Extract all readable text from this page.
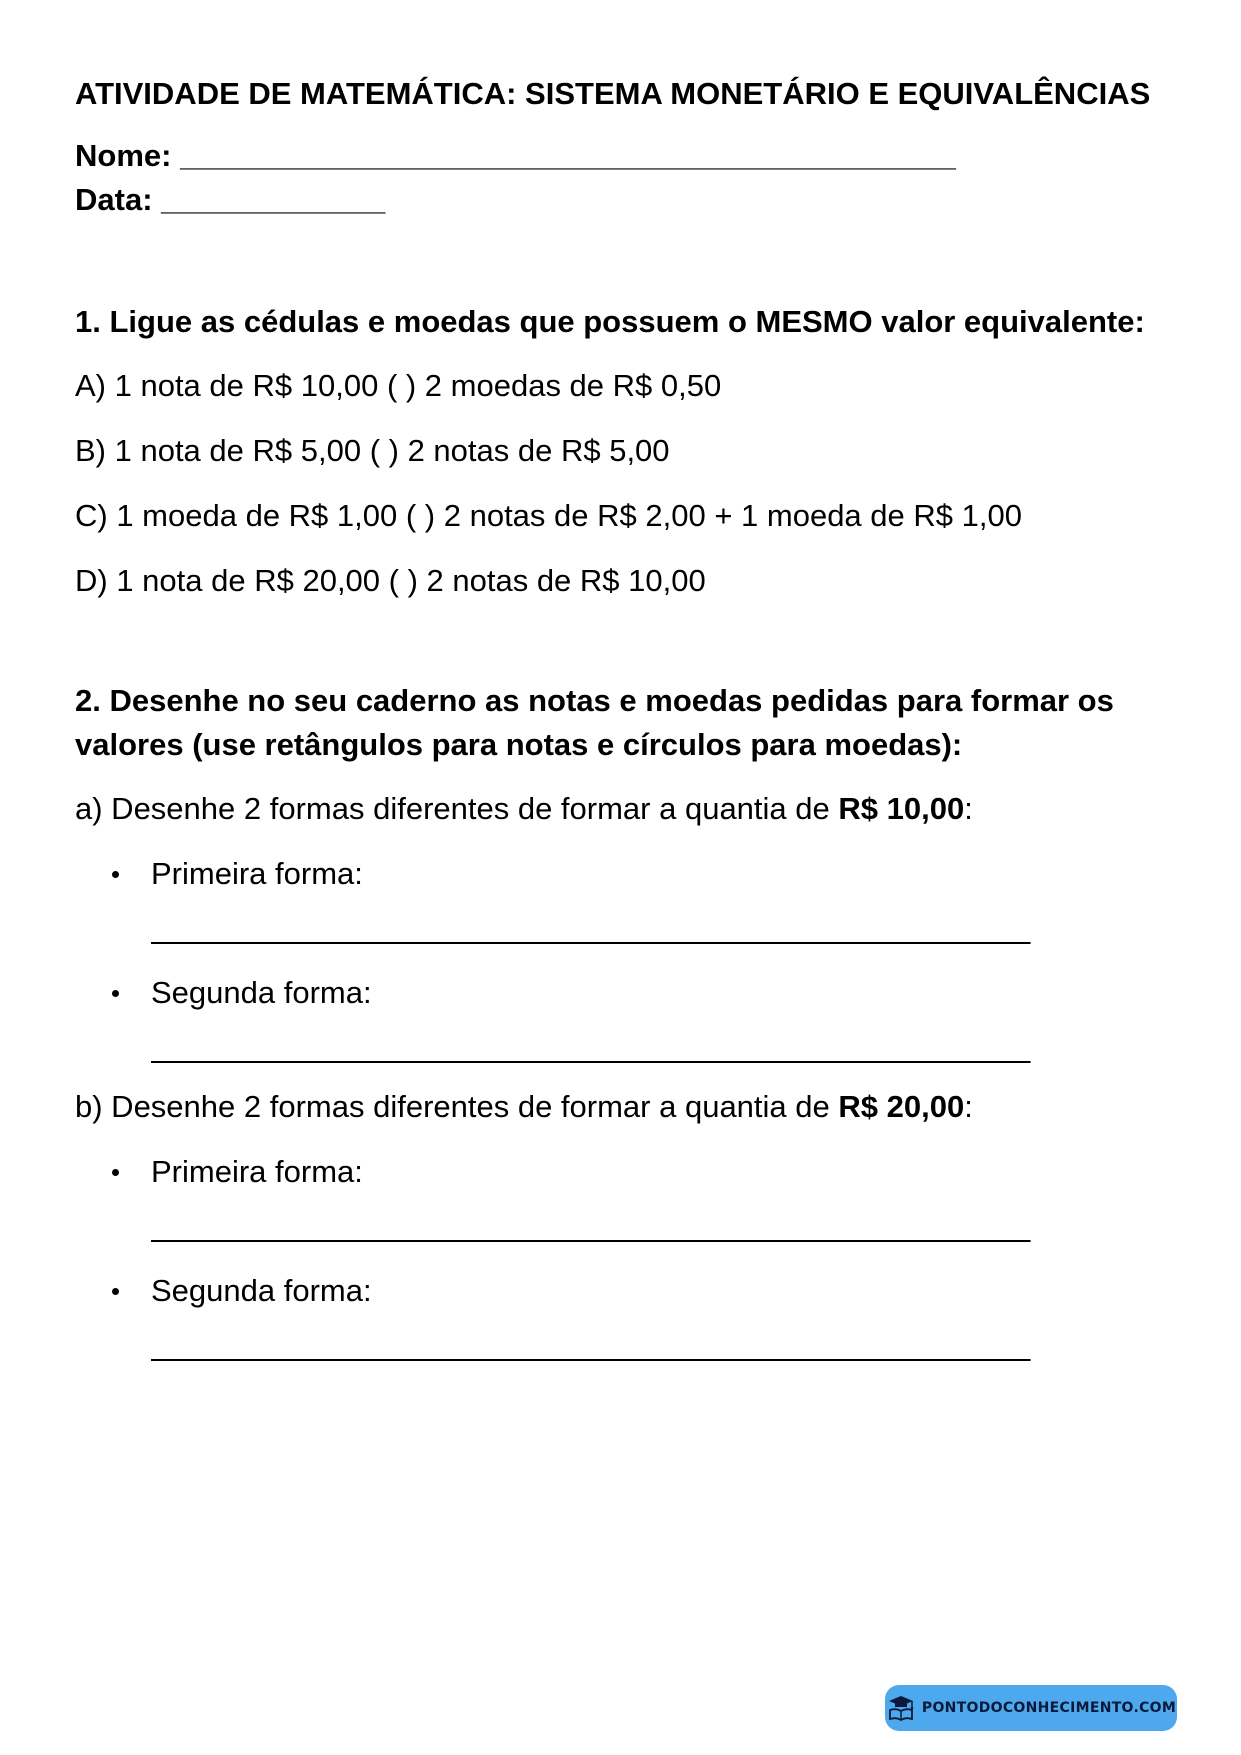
ATIVIDADE DE MATEMÁTICA: SISTEMA MONETÁRIO E EQUIVALÊNCIAS
Nome: _____________________________________________
Data: _____________

1. Ligue as cédulas e moedas que possuem o MESMO valor equivalente:

A) 1 nota de R$ 10,00 ( ) 2 moedas de R$ 0,50
B) 1 nota de R$ 5,00 ( ) 2 notas de R$ 5,00
C) 1 moeda de R$ 1,00 ( ) 2 notas de R$ 2,00 + 1 moeda de R$ 1,00
D) 1 nota de R$ 20,00 ( ) 2 notas de R$ 10,00

2. Desenhe no seu caderno as notas e moedas pedidas para formar os valores (use retângulos para notas e círculos para moedas):

a) Desenhe 2 formas diferentes de formar a quantia de R$ 10,00:
Primeira forma:
___________________________________________________
Segunda forma:
___________________________________________________
b) Desenhe 2 formas diferentes de formar a quantia de R$ 20,00:
Primeira forma:
___________________________________________________
Segunda forma:
___________________________________________________
PONTODOCONHECIMENTO.COM
